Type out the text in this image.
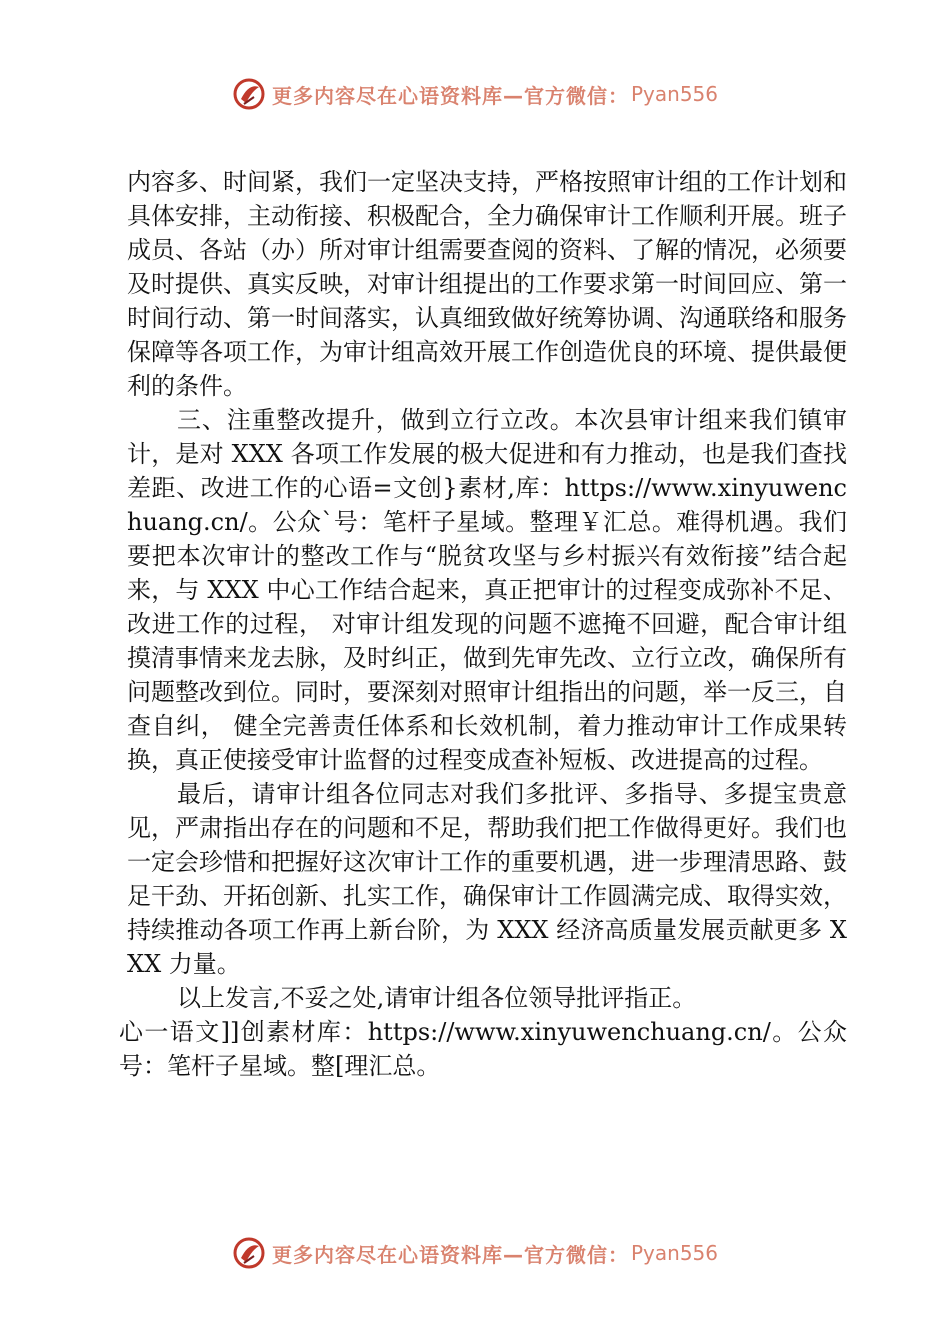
更多内容尽在心语资料库—官方微信： Pyan556

内容多、时间紧，我们一定坚决支持，严格按照审计组的工作计划和具体安排，主动衔接、积极配合，全力确保审计工作顺利开展。班子成员、各站（办）所对审计组需要查阅的资料、了解的情况，必须要及时提供、真实反映，对审计组提出的工作要求第一时间回应、第一时间行动、第一时间落实，认真细致做好统筹协调、沟通联络和服务保障等各项工作，为审计组高效开展工作创造优良的环境、提供最便利的条件。

三、注重整改提升，做到立行立改。本次县审计组来我们镇审计，是对 XXX 各项工作发展的极大促进和有力推动，也是我们查找差距、改进工作的心语=文创}素材,库：https://www.xinyuwenchuang.cn/。公众`号：笔杆子星域。整理￥汇总。难得机遇。我们要把本次审计的整改工作与“脱贫攻坚与乡村振兴有效衔接”结合起来，与 XXX 中心工作结合起来，真正把审计的过程变成弥补不足、改进工作的过程， 对审计组发现的问题不遮掩不回避，配合审计组摸清事情来龙去脉，及时纠正，做到先审先改、立行立改，确保所有问题整改到位。同时，要深刻对照审计组指出的问题，举一反三，自查自纠， 健全完善责任体系和长效机制，着力推动审计工作成果转换，真正使接受审计监督的过程变成查补短板、改进提高的过程。

最后，请审计组各位同志对我们多批评、多指导、多提宝贵意见，严肃指出存在的问题和不足，帮助我们把工作做得更好。我们也一定会珍惜和把握好这次审计工作的重要机遇，进一步理清思路、鼓足干劲、开拓创新、扎实工作，确保审计工作圆满完成、取得实效，持续推动各项工作再上新台阶，为 XXX 经济高质量发展贡献更多 XXX 力量。

以上发言,不妥之处,请审计组各位领导批评指正。

心一语文]]创素材库：https://www.xinyuwenchuang.cn/。公众号：笔杆子星域。整[理汇总。

更多内容尽在心语资料库—官方微信： Pyan556
